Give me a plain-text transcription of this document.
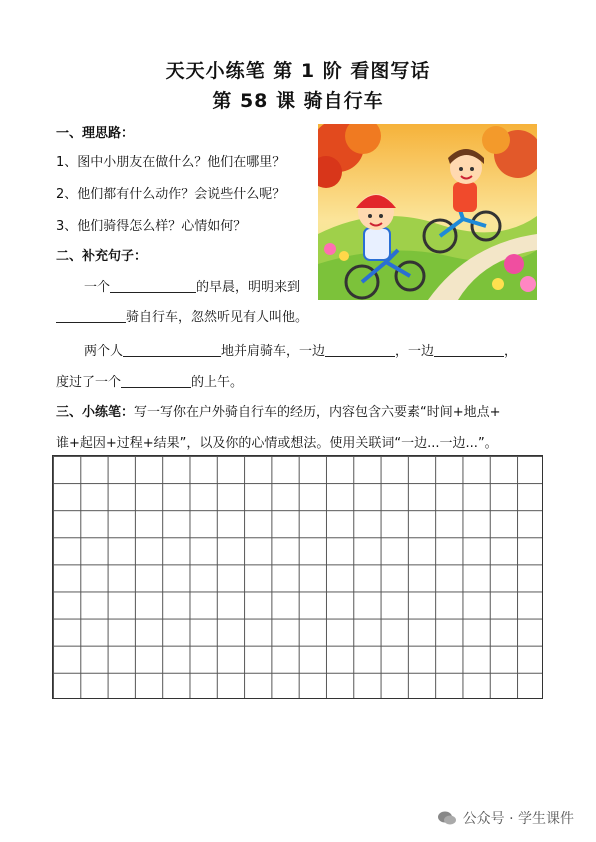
天天小练笔 第 1 阶 看图写话
第 58 课 骑自行车
一、理思路：
1、图中小朋友在做什么？他们在哪里？
2、他们都有什么动作？会说些什么呢？
3、他们骑得怎么样？心情如何？
二、补充句子：
一个	的早晨，明明来到
骑自行车，忽然听见有人叫他。
两个人	地并肩骑车，一边	，一边	，
度过了一个	的上午。
三、小练笔：写一写你在户外骑自行车的经历，内容包含六要素“时间+地点+
谁+起因+过程+结果”，以及你的心情或想法。使用关联词“一边...一边...”。
公众号 · 学生课件
